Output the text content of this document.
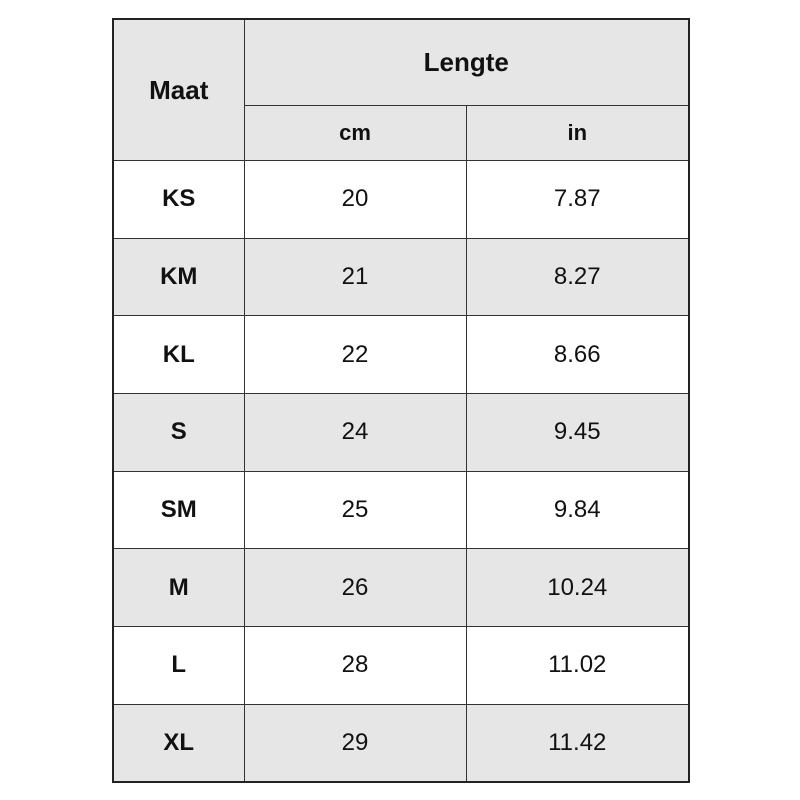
Maat	Lengte	
	cm	in
KS	20	7.87
KM	21	8.27
KL	22	8.66
S	24	9.45
SM	25	9.84
M	26	10.24
L	28	11.02
XL	29	11.42
